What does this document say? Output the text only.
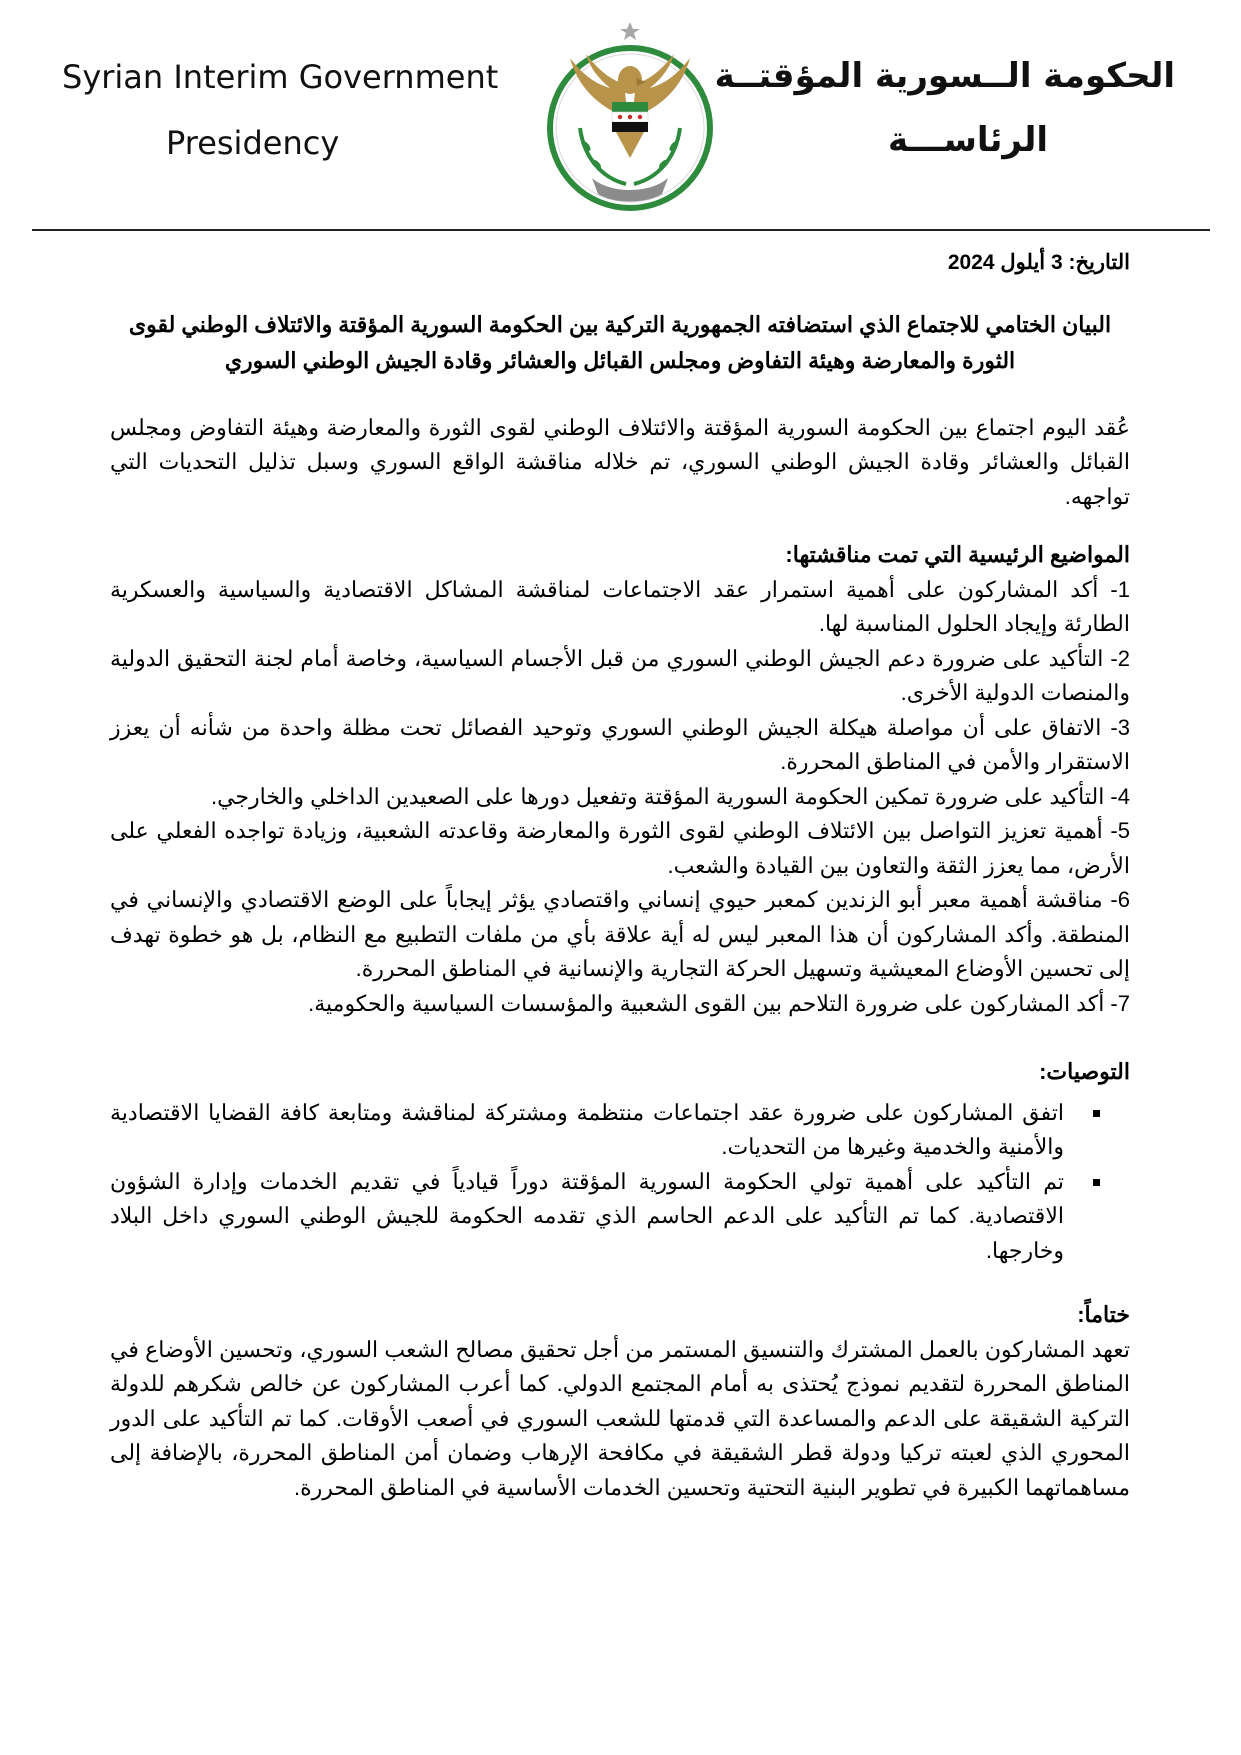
Syrian Interim Government
Presidency
الحكومة الــسورية المؤقتــة
الرئاســـة
التاريخ: 3 أيلول 2024
البيان الختامي للاجتماع الذي استضافته الجمهورية التركية بين الحكومة السورية المؤقتة والائتلاف الوطني لقوى الثورة والمعارضة وهيئة التفاوض ومجلس القبائل والعشائر وقادة الجيش الوطني السوري
عُقد اليوم اجتماع بين الحكومة السورية المؤقتة والائتلاف الوطني لقوى الثورة والمعارضة وهيئة التفاوض ومجلس القبائل والعشائر وقادة الجيش الوطني السوري، تم خلاله مناقشة الواقع السوري وسبل تذليل التحديات التي تواجهه.
المواضيع الرئيسية التي تمت مناقشتها:
1- أكد المشاركون على أهمية استمرار عقد الاجتماعات لمناقشة المشاكل الاقتصادية والسياسية والعسكرية الطارئة وإيجاد الحلول المناسبة لها.
2- التأكيد على ضرورة دعم الجيش الوطني السوري من قبل الأجسام السياسية، وخاصة أمام لجنة التحقيق الدولية والمنصات الدولية الأخرى.
3- الاتفاق على أن مواصلة هيكلة الجيش الوطني السوري وتوحيد الفصائل تحت مظلة واحدة من شأنه أن يعزز الاستقرار والأمن في المناطق المحررة.
4- التأكيد على ضرورة تمكين الحكومة السورية المؤقتة وتفعيل دورها على الصعيدين الداخلي والخارجي.
5- أهمية تعزيز التواصل بين الائتلاف الوطني لقوى الثورة والمعارضة وقاعدته الشعبية، وزيادة تواجده الفعلي على الأرض، مما يعزز الثقة والتعاون بين القيادة والشعب.
6- مناقشة أهمية معبر أبو الزندين كمعبر حيوي إنساني واقتصادي يؤثر إيجاباً على الوضع الاقتصادي والإنساني في المنطقة. وأكد المشاركون أن هذا المعبر ليس له أية علاقة بأي من ملفات التطبيع مع النظام، بل هو خطوة تهدف إلى تحسين الأوضاع المعيشية وتسهيل الحركة التجارية والإنسانية في المناطق المحررة.
7- أكد المشاركون على ضرورة التلاحم بين القوى الشعبية والمؤسسات السياسية والحكومية.
التوصيات:
اتفق المشاركون على ضرورة عقد اجتماعات منتظمة ومشتركة لمناقشة ومتابعة كافة القضايا الاقتصادية والأمنية والخدمية وغيرها من التحديات.
تم التأكيد على أهمية تولي الحكومة السورية المؤقتة دوراً قيادياً في تقديم الخدمات وإدارة الشؤون الاقتصادية. كما تم التأكيد على الدعم الحاسم الذي تقدمه الحكومة للجيش الوطني السوري داخل البلاد وخارجها.
ختاماً:
تعهد المشاركون بالعمل المشترك والتنسيق المستمر من أجل تحقيق مصالح الشعب السوري، وتحسين الأوضاع في المناطق المحررة لتقديم نموذج يُحتذى به أمام المجتمع الدولي. كما أعرب المشاركون عن خالص شكرهم للدولة التركية الشقيقة على الدعم والمساعدة التي قدمتها للشعب السوري في أصعب الأوقات. كما تم التأكيد على الدور المحوري الذي لعبته تركيا ودولة قطر الشقيقة في مكافحة الإرهاب وضمان أمن المناطق المحررة، بالإضافة إلى مساهماتهما الكبيرة في تطوير البنية التحتية وتحسين الخدمات الأساسية في المناطق المحررة.
